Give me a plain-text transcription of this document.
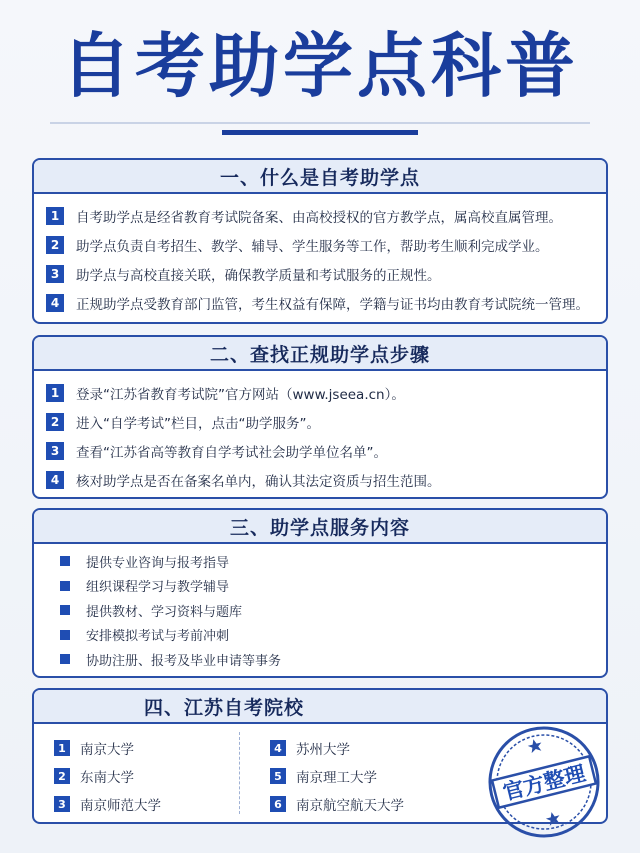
自考助学点科普
一、什么是自考助学点
1	自考助学点是经省教育考试院备案、由高校授权的官方教学点，属高校直属管理。
2	助学点负责自考招生、教学、辅导、学生服务等工作，帮助考生顺利完成学业。
3	助学点与高校直接关联，确保教学质量和考试服务的正规性。
4	正规助学点受教育部门监管，考生权益有保障，学籍与证书均由教育考试院统一管理。
二、查找正规助学点步骤
1	登录“江苏省教育考试院”官方网站（www.jseea.cn）。
2	进入“自学考试”栏目，点击“助学服务”。
3	查看“江苏省高等教育自学考试社会助学单位名单”。
4	核对助学点是否在备案名单内，确认其法定资质与招生范围。
三、助学点服务内容
提供专业咨询与报考指导
组织课程学习与教学辅导
提供教材、学习资料与题库
安排模拟考试与考前冲刺
协助注册、报考及毕业申请等事务
四、江苏自考院校
1	南京大学
2	东南大学
3	南京师范大学
4	苏州大学
5	南京理工大学
6	南京航空航天大学
官方整理
